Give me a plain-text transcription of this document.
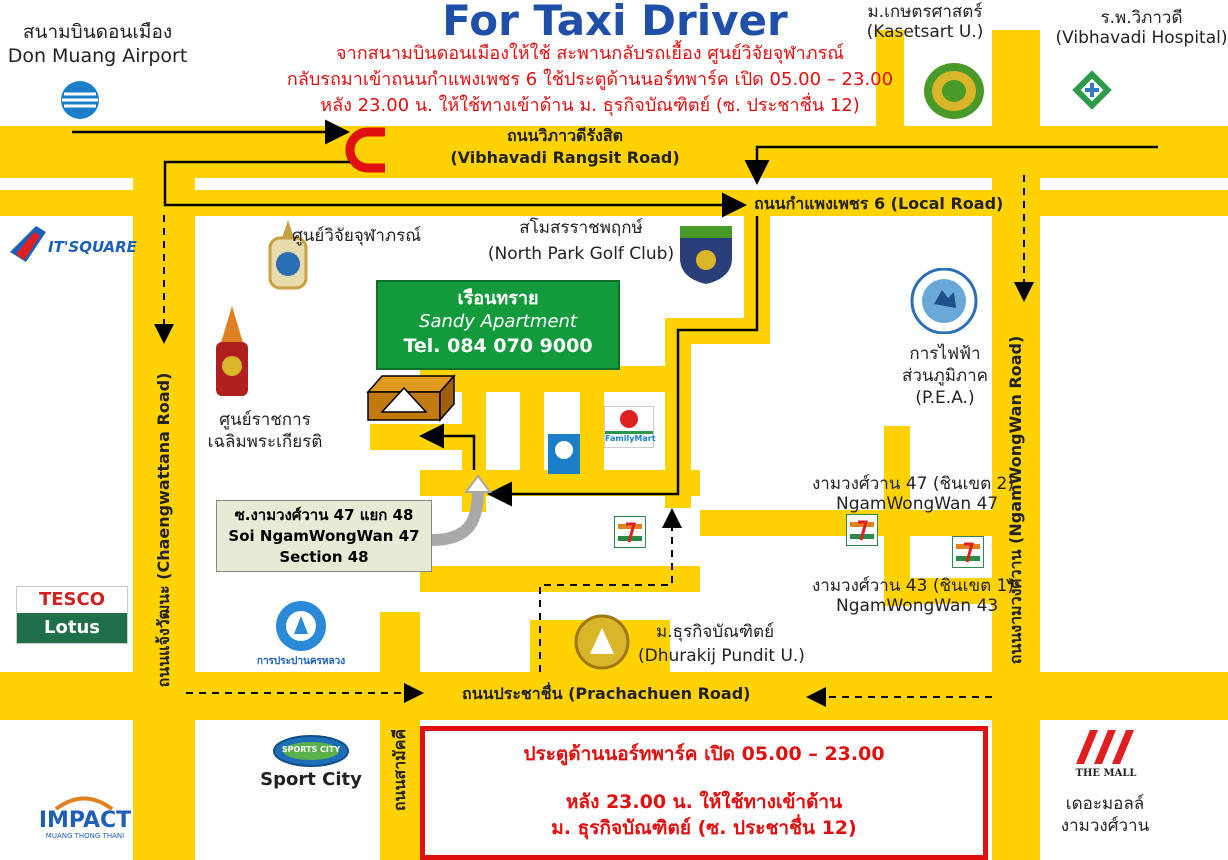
For Taxi Driver
จากสนามบินดอนเมืองให้ใช้ สะพานกลับรถเยื้อง ศูนย์วิจัยจุฬาภรณ์
กลับรถมาเข้าถนนกำแพงเพชร 6 ใช้ประตูด้านนอร์ทพาร์ค เปิด 05.00 – 23.00
หลัง 23.00 น. ให้ใช้ทางเข้าด้าน ม. ธุรกิจบัณฑิตย์ (ซ. ประชาชื่น 12)
สนามบินดอนเมือง
Don Muang Airport
ม.เกษตรศาสตร์
(Kasetsart U.)
ร.พ.วิภาวดี
(Vibhavadi Hospital)
ถนนวิภาวดีรังสิต
(Vibhavadi Rangsit Road)
ถนนกำแพงเพชร 6 (Local Road)
ถนนประชาชื่น (Prachachuen Road)
ถนนแจ้งวัฒนะ (Chaengwattana Road)	ถนนงามวงศ์วาน (NgamWongWan Road)
ถนนสามัคคี
IT'SQUARE
TESCO
Lotus
IMPACT
MUANG THONG THANI
ศูนย์วิจัยจุฬาภรณ์	สโมสรราชพฤกษ์
(North Park Golf Club)
ศูนย์ราชการ
เฉลิมพระเกียรติ
เรือนทราย
Sandy Apartment
Tel. 084 070 9000
FamilyMart
การไฟฟ้า
ส่วนภูมิภาค
(P.E.A.)
งามวงศ์วาน 47 (ชินเขต 2)
NgamWongWan 47
งามวงศ์วาน 43 (ชินเขต 1)
NgamWongWan 43
ซ.งามวงศ์วาน 47 แยก 48
Soi NgamWongWan 47
Section 48
การประปานครหลวง
ม.ธุรกิจบัณฑิตย์
(Dhurakij Pundit U.)
SPORTS CITY
Sport City
ประตูด้านนอร์ทพาร์ค เปิด 05.00 – 23.00
หลัง 23.00 น. ให้ใช้ทางเข้าด้าน
ม. ธุรกิจบัณฑิตย์ (ซ. ประชาชื่น 12)
THE MALL
เดอะมอลล์
งามวงศ์วาน
